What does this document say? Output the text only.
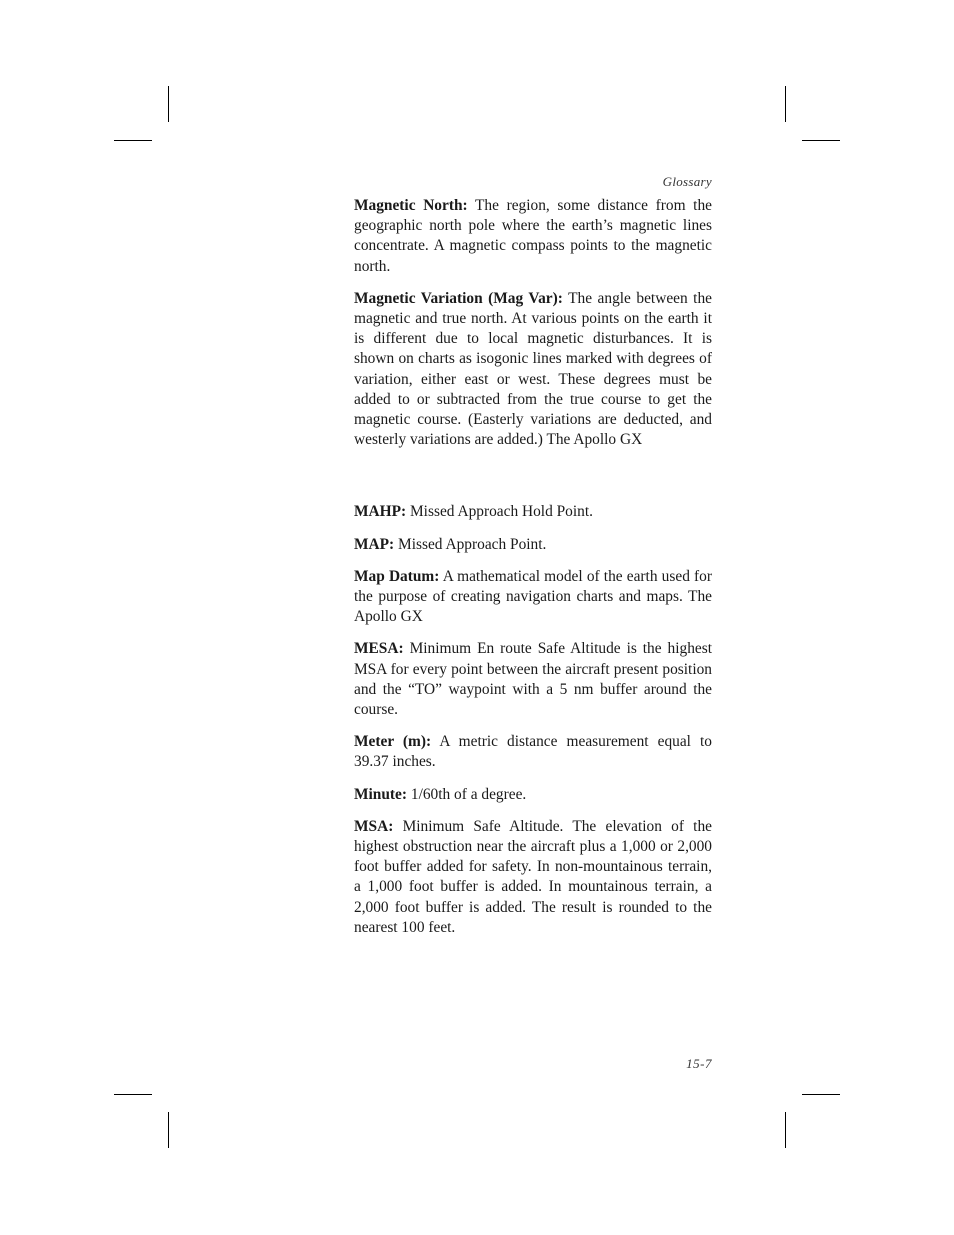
Glossary

Magnetic North: The region, some distance from the geographic north pole where the earth’s magnetic lines concentrate. A magnetic compass points to the magnetic north.

Magnetic Variation (Mag Var): The angle between the magnetic and true north. At various points on the earth it is different due to local magnetic disturbances. It is shown on charts as isogonic lines marked with degrees of variation, either east or west. These degrees must be added to or subtracted from the true course to get the magnetic course. (Easterly variations are deducted, and westerly variations are added.) The Apollo GX

MAHP: Missed Approach Hold Point.

MAP: Missed Approach Point.

Map Datum: A mathematical model of the earth used for the purpose of creating navigation charts and maps. The Apollo GX

MESA: Minimum En route Safe Altitude is the highest MSA for every point between the aircraft present position and the “TO” waypoint with a 5 nm buffer around the course.

Meter (m): A metric distance measurement equal to 39.37 inches.

Minute: 1/60th of a degree.

MSA: Minimum Safe Altitude. The elevation of the highest obstruction near the aircraft plus a 1,000 or 2,000 foot buffer added for safety. In non-mountainous terrain, a 1,000 foot buffer is added. In mountainous terrain, a 2,000 foot buffer is added. The result is rounded to the nearest 100 feet.

15-7
